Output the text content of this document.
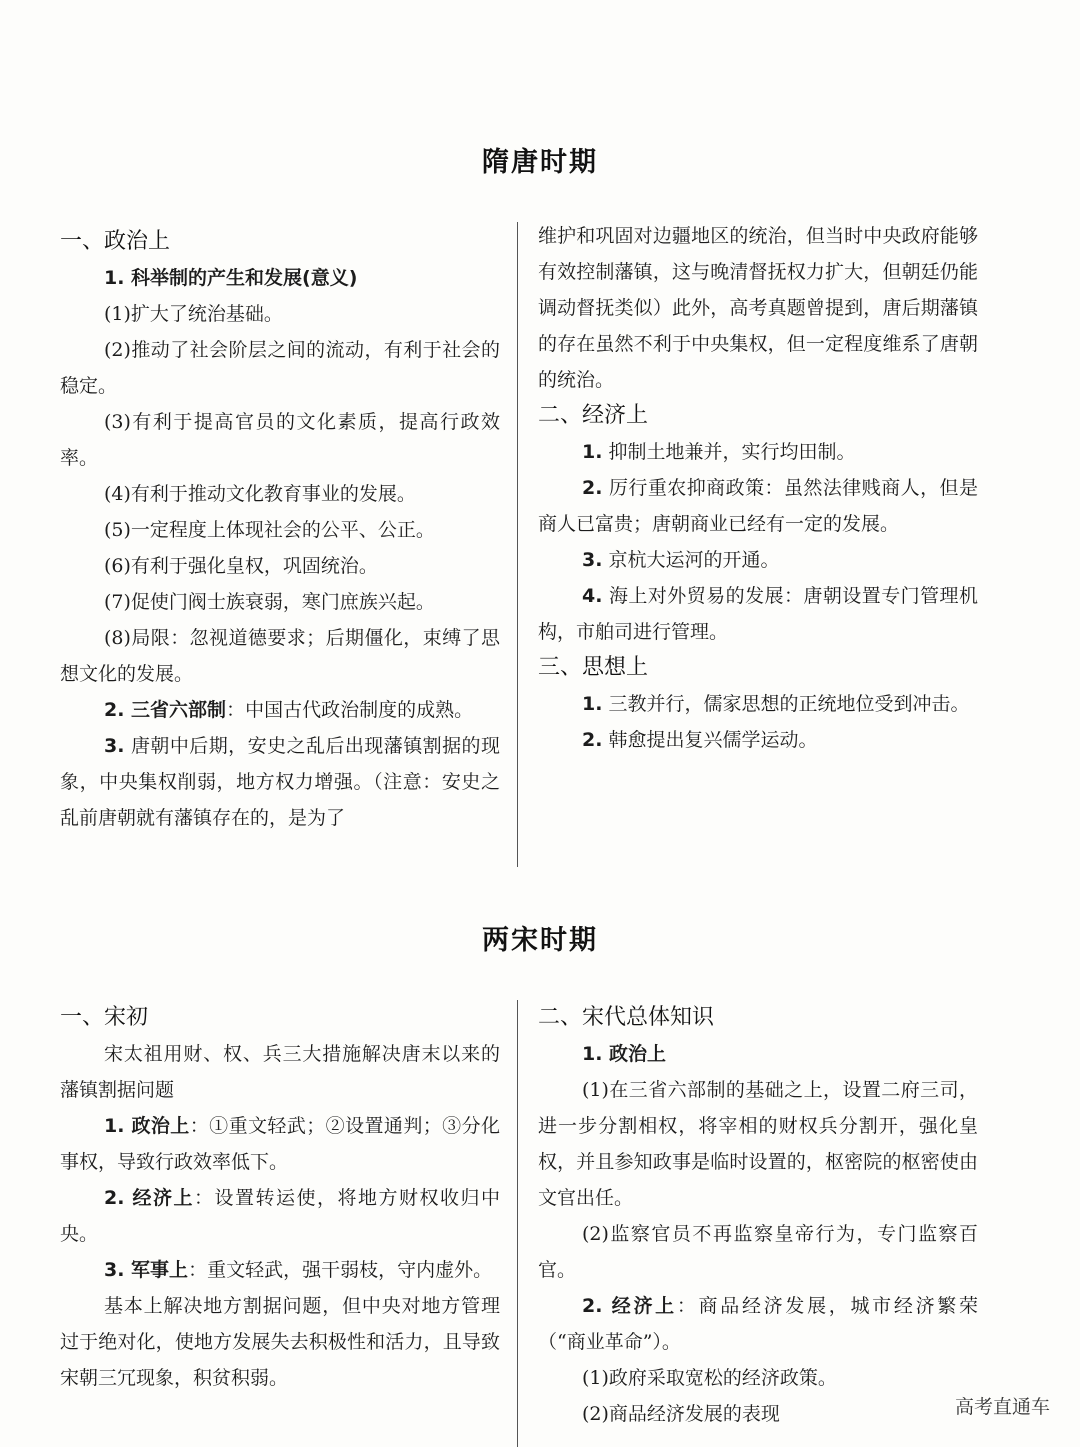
隋唐时期
一、政治上
1. 科举制的产生和发展(意义)
(1)扩大了统治基础。
(2)推动了社会阶层之间的流动，有利于社会的稳定。
(3)有利于提高官员的文化素质，提高行政效率。
(4)有利于推动文化教育事业的发展。
(5)一定程度上体现社会的公平、公正。
(6)有利于强化皇权，巩固统治。
(7)促使门阀士族衰弱，寒门庶族兴起。
(8)局限：忽视道德要求；后期僵化，束缚了思想文化的发展。
2. 三省六部制：中国古代政治制度的成熟。
3. 唐朝中后期，安史之乱后出现藩镇割据的现象，中央集权削弱，地方权力增强。（注意：安史之乱前唐朝就有藩镇存在的，是为了
维护和巩固对边疆地区的统治，但当时中央政府能够有效控制藩镇，这与晚清督抚权力扩大，但朝廷仍能调动督抚类似）此外，高考真题曾提到，唐后期藩镇的存在虽然不利于中央集权，但一定程度维系了唐朝的统治。
二、经济上
1. 抑制土地兼并，实行均田制。
2. 厉行重农抑商政策：虽然法律贱商人，但是商人已富贵；唐朝商业已经有一定的发展。
3. 京杭大运河的开通。
4. 海上对外贸易的发展：唐朝设置专门管理机构，市舶司进行管理。
三、思想上
1. 三教并行，儒家思想的正统地位受到冲击。
2. 韩愈提出复兴儒学运动。
两宋时期
一、宋初
宋太祖用财、权、兵三大措施解决唐末以来的藩镇割据问题
1. 政治上：①重文轻武；②设置通判；③分化事权，导致行政效率低下。
2. 经济上：设置转运使，将地方财权收归中央。
3. 军事上：重文轻武，强干弱枝，守内虚外。
基本上解决地方割据问题，但中央对地方管理过于绝对化，使地方发展失去积极性和活力，且导致宋朝三冗现象，积贫积弱。
二、宋代总体知识
1. 政治上
(1)在三省六部制的基础之上，设置二府三司，进一步分割相权，将宰相的财权兵分割开，强化皇权，并且参知政事是临时设置的，枢密院的枢密使由文官出任。
(2)监察官员不再监察皇帝行为，专门监察百官。
2. 经济上：商品经济发展，城市经济繁荣（“商业革命”）。
(1)政府采取宽松的经济政策。
(2)商品经济发展的表现	高考直通车
